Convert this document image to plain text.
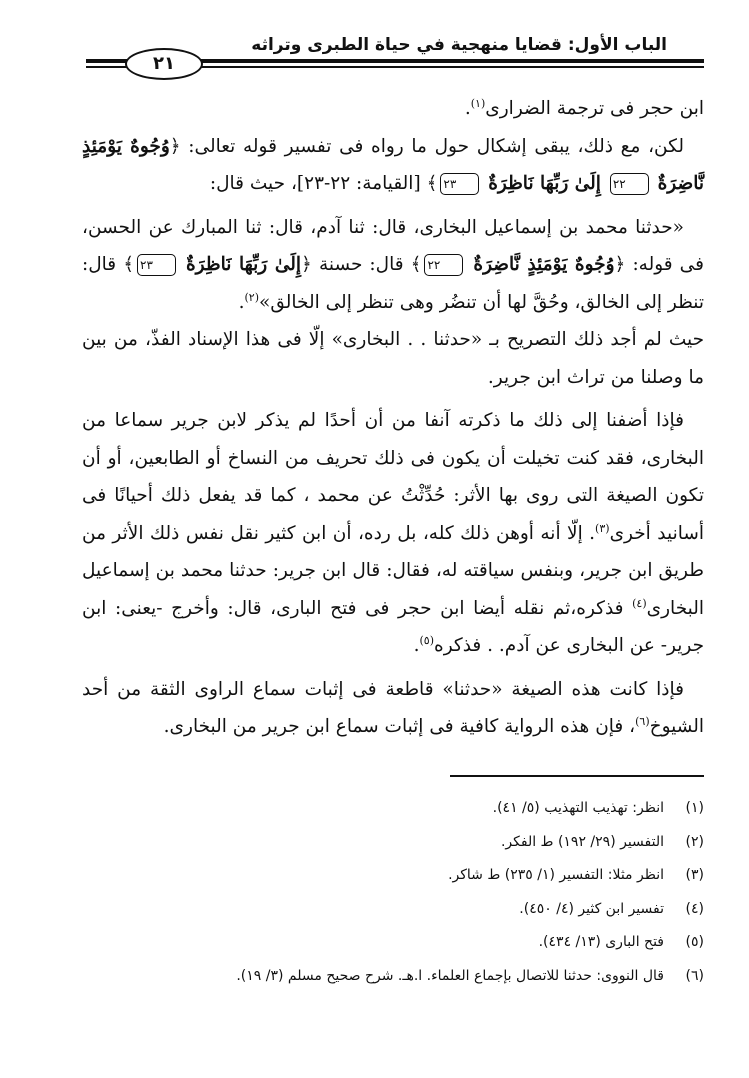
الباب الأول: قضايا منهجية في حياة الطبرى وتراثه
٢١

ابن حجر فى ترجمة الضرارى$^{(١)}$.

لكن، مع ذلك، يبقى إشكال حول ما رواه فى تفسير قوله تعالى: ﴿وُجُوهٌ يَوْمَئِذٍ نَّاضِرَةٌ ٢٢ إِلَىٰ رَبِّهَا نَاظِرَةٌ ٢٣﴾ [القيامة: ٢٢-٢٣]، حيث قال:

«حدثنا محمد بن إسماعيل البخارى، قال: ثنا آدم، قال: ثنا المبارك عن الحسن، فى قوله: ﴿وُجُوهٌ يَوْمَئِذٍ نَّاضِرَةٌ ٢٢﴾ قال: حسنة ﴿إِلَىٰ رَبِّهَا نَاظِرَةٌ ٢٣﴾ قال: تنظر إلى الخالق، وحُقَّ لها أن تنضُر وهى تنظر إلى الخالق»$^{(٢)}$.

حيث لم أجد ذلك التصريح بـ «حدثنا . . البخارى» إلّا فى هذا الإسناد الفذّ، من بين ما وصلنا من تراث ابن جرير.

فإذا أضفنا إلى ذلك ما ذكرته آنفا من أن أحدًا لم يذكر لابن جرير سماعا من البخارى، فقد كنت تخيلت أن يكون فى ذلك تحريف من النساخ أو الطابعين، أو أن تكون الصيغة التى روى بها الأثر: حُدِّثْتُ عن محمد ، كما قد يفعل ذلك أحيانًا فى أسانيد أخرى$^{(٣)}$. إلّا أنه أوهن ذلك كله، بل رده، أن ابن كثير نقل نفس ذلك الأثر من طريق ابن جرير، وبنفس سياقته له، فقال: قال ابن جرير: حدثنا محمد بن إسماعيل البخارى$^{(٤)}$ فذكره،ثم نقله أيضا ابن حجر فى فتح البارى، قال: وأخرج -يعنى: ابن جرير- عن البخارى عن آدم. . فذكره$^{(٥)}$.

فإذا كانت هذه الصيغة «حدثنا» قاطعة فى إثبات سماع الراوى الثقة من أحد الشيوخ$^{(٦)}$، فإن هذه الرواية كافية فى إثبات سماع ابن جرير من البخارى.

(١)انظر: تهذيب التهذيب (٥/ ٤١).
(٢)التفسير (٢٩/ ١٩٢) ط الفكر.
(٣)انظر مثلا: التفسير (١/ ٢٣٥) ط شاكر.
(٤)تفسير ابن كثير (٤/ ٤٥٠).
(٥)فتح البارى (١٣/ ٤٣٤).
(٦)قال النووى: حدثنا للاتصال بإجماع العلماء. ا.هـ. شرح صحيح مسلم (٣/ ١٩).
